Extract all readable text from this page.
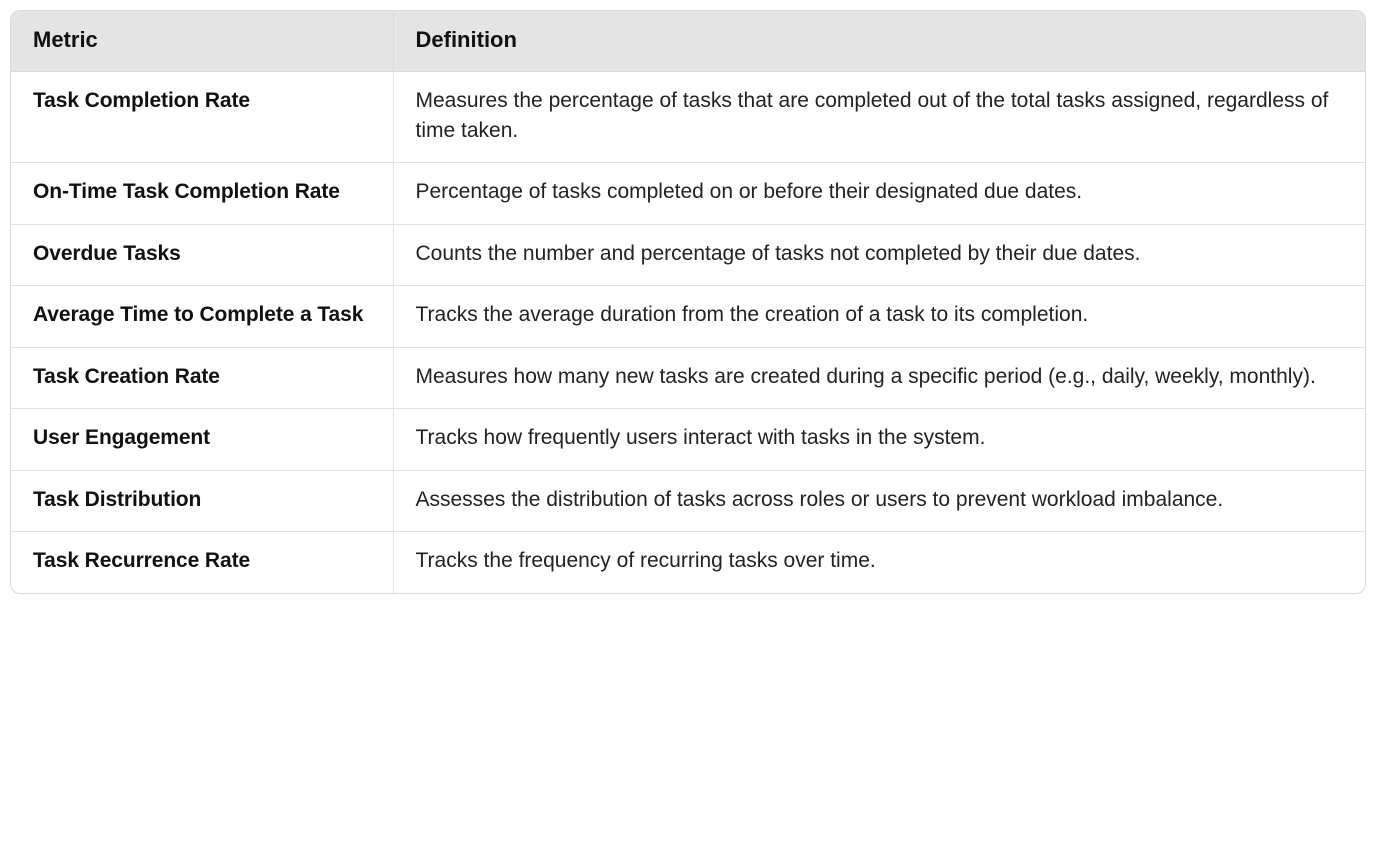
Metric	Definition
Task Completion Rate	Measures the percentage of tasks that are completed out of the total tasks assigned, regardless of time taken.
On-Time Task Completion Rate	Percentage of tasks completed on or before their designated due dates.
Overdue Tasks	Counts the number and percentage of tasks not completed by their due dates.
Average Time to Complete a Task	Tracks the average duration from the creation of a task to its completion.
Task Creation Rate	Measures how many new tasks are created during a specific period (e.g., daily, weekly, monthly).
User Engagement	Tracks how frequently users interact with tasks in the system.
Task Distribution	Assesses the distribution of tasks across roles or users to prevent workload imbalance.
Task Recurrence Rate	Tracks the frequency of recurring tasks over time.
